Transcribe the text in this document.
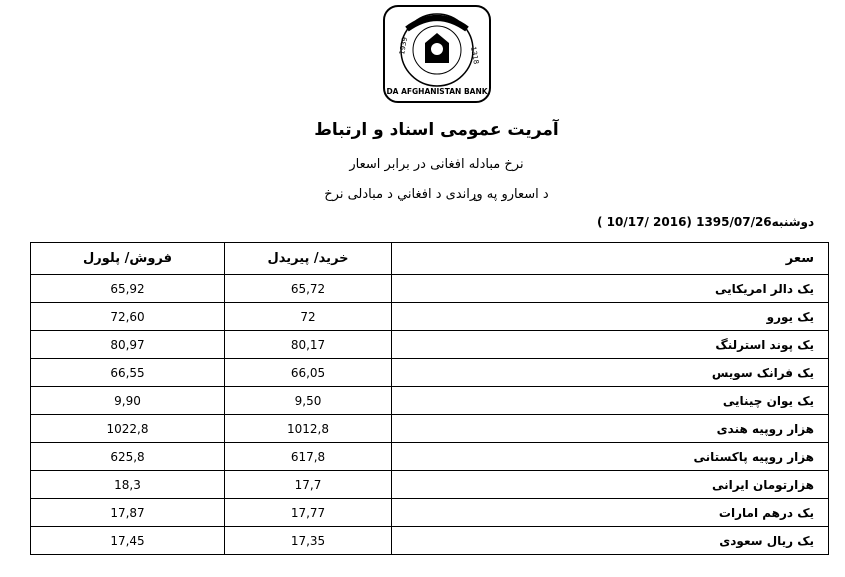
1939
1318
DA AFGHANISTAN BANK
آمریت عمومی اسناد و ارتباط
نرخ مبادله افغانی در برابر اسعار
د اسعارو په وړاندی د افغاني د مبادلی نرخ
دوشنبه1395/07/26 (2016 /10/17 )
فروش/ پلورل	خرید/ پیریدل	سعر
65,92	65,72	یک دالر امریکایی
72,60	72	یک یورو
80,97	80,17	یک پوند استرلنگ
66,55	66,05	یک فرانک سویس
9,90	9,50	یک یوان چینایی
1022,8	1012,8	هزار روپیه هندی
625,8	617,8	هزار روپیه پاکستانی
18,3	17,7	هزارتومان ایرانی
17,87	17,77	یک درهم امارات
17,45	17,35	یک ریال سعودی
